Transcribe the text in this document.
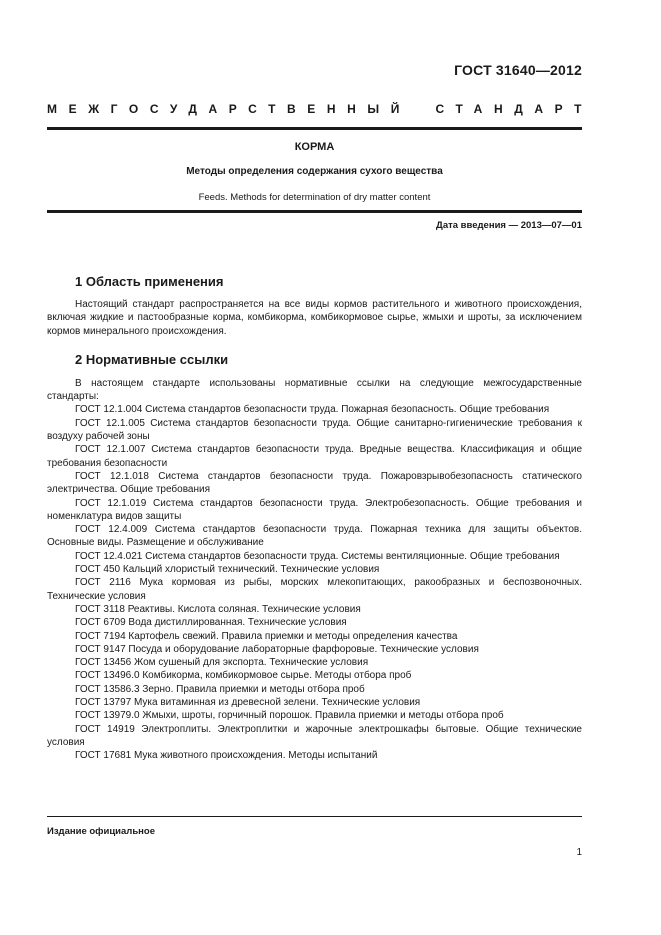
ГОСТ 31640—2012
МЕЖГОСУДАРСТВЕННЫЙ СТАНДАРТ
КОРМА
Методы определения содержания сухого вещества
Feeds. Methods for determination of dry matter content
Дата введения — 2013—07—01
1 Область применения

Настоящий стандарт распространяется на все виды кормов растительного и животного происхождения, включая жидкие и пастообразные корма, комбикорма, комбикормовое сырье, жмыхи и шроты, за исключением кормов минерального происхождения.

2 Нормативные ссылки

В настоящем стандарте использованы нормативные ссылки на следующие межгосударственные стандарты:

ГОСТ 12.1.004 Система стандартов безопасности труда. Пожарная безопасность. Общие требования

ГОСТ 12.1.005 Система стандартов безопасности труда. Общие санитарно-гигиенические требования к воздуху рабочей зоны

ГОСТ 12.1.007 Система стандартов безопасности труда. Вредные вещества. Классификация и общие требования безопасности

ГОСТ 12.1.018 Система стандартов безопасности труда. Пожаровзрывобезопасность статического электричества. Общие требования

ГОСТ 12.1.019 Система стандартов безопасности труда. Электробезопасность. Общие требования и номенклатура видов защиты

ГОСТ 12.4.009 Система стандартов безопасности труда. Пожарная техника для защиты объектов. Основные виды. Размещение и обслуживание

ГОСТ 12.4.021 Система стандартов безопасности труда. Системы вентиляционные. Общие требования

ГОСТ 450 Кальций хлористый технический. Технические условия

ГОСТ 2116 Мука кормовая из рыбы, морских млекопитающих, ракообразных и беспозвоночных. Технические условия

ГОСТ 3118 Реактивы. Кислота соляная. Технические условия

ГОСТ 6709 Вода дистиллированная. Технические условия

ГОСТ 7194 Картофель свежий. Правила приемки и методы определения качества

ГОСТ 9147 Посуда и оборудование лабораторные фарфоровые. Технические условия

ГОСТ 13456 Жом сушеный для экспорта. Технические условия

ГОСТ 13496.0 Комбикорма, комбикормовое сырье. Методы отбора проб

ГОСТ 13586.3 Зерно. Правила приемки и методы отбора проб

ГОСТ 13797 Мука витаминная из древесной зелени. Технические условия

ГОСТ 13979.0 Жмыхи, шроты, горчичный порошок. Правила приемки и методы отбора проб

ГОСТ 14919 Электроплиты. Электроплитки и жарочные электрошкафы бытовые. Общие технические условия

ГОСТ 17681 Мука животного происхождения. Методы испытаний

Издание официальное
1
